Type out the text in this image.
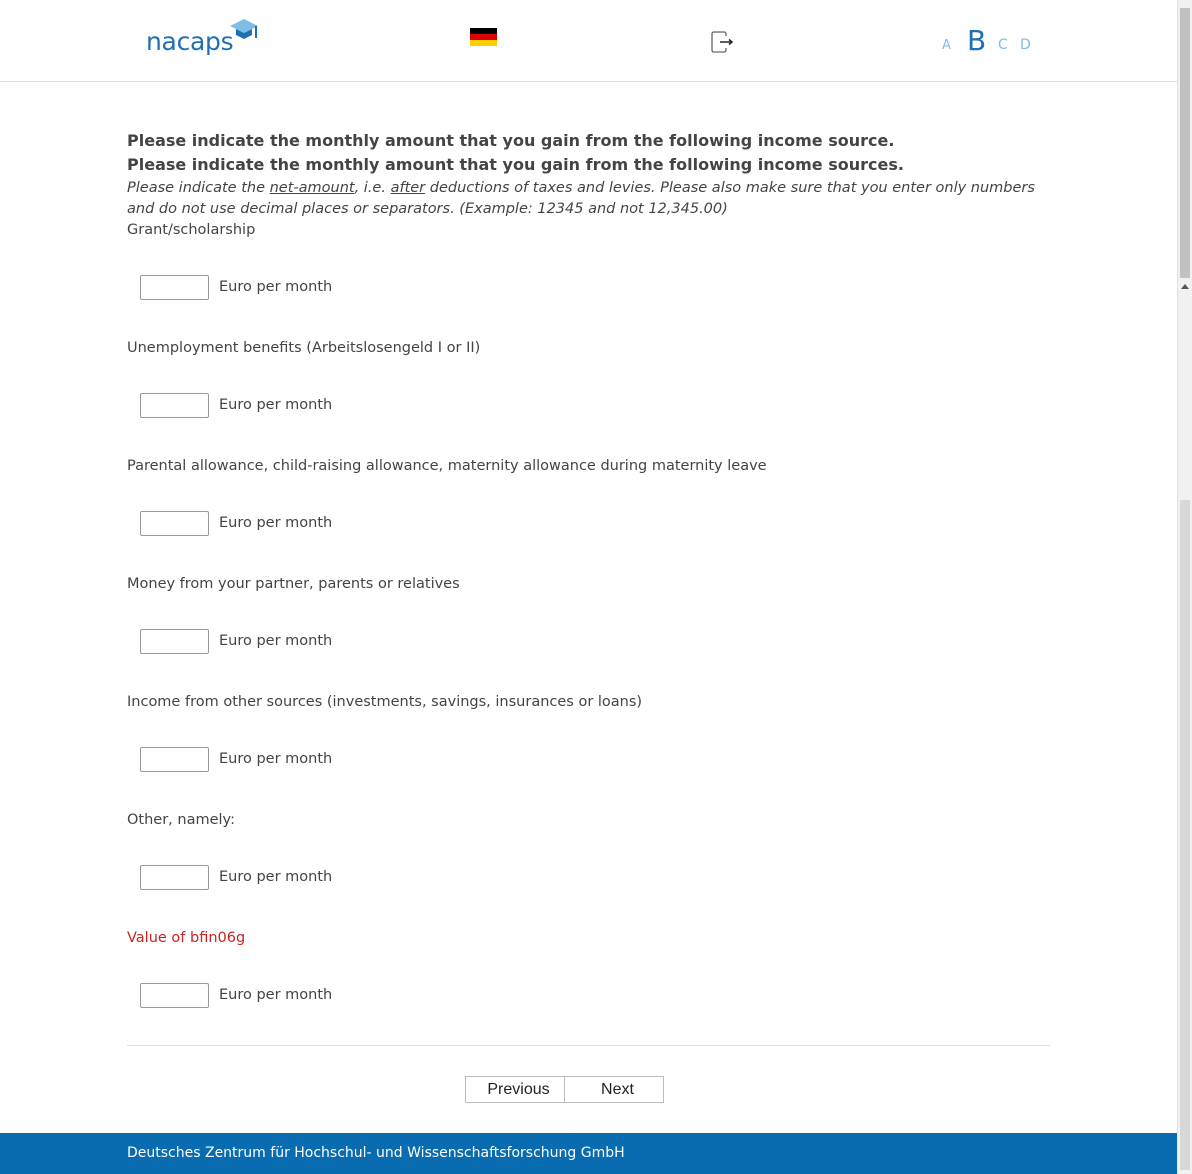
nacaps	A B C D
Please indicate the monthly amount that you gain from the following income source.
Please indicate the monthly amount that you gain from the following income sources.
Please indicate the net-amount, i.e. after deductions of taxes and levies. Please also make sure that you enter only numbers and do not use decimal places or separators. (Example: 12345 and not 12,345.00)
Grant/scholarship
Euro per month
Unemployment benefits (Arbeitslosengeld I or II)
Euro per month
Parental allowance, child-raising allowance, maternity allowance during maternity leave
Euro per month
Money from your partner, parents or relatives
Euro per month
Income from other sources (investments, savings, insurances or loans)
Euro per month
Other, namely:
Euro per month
Value of bfin06g
Euro per month
Previous	Next
Deutsches Zentrum für Hochschul- und Wissenschaftsforschung GmbH
